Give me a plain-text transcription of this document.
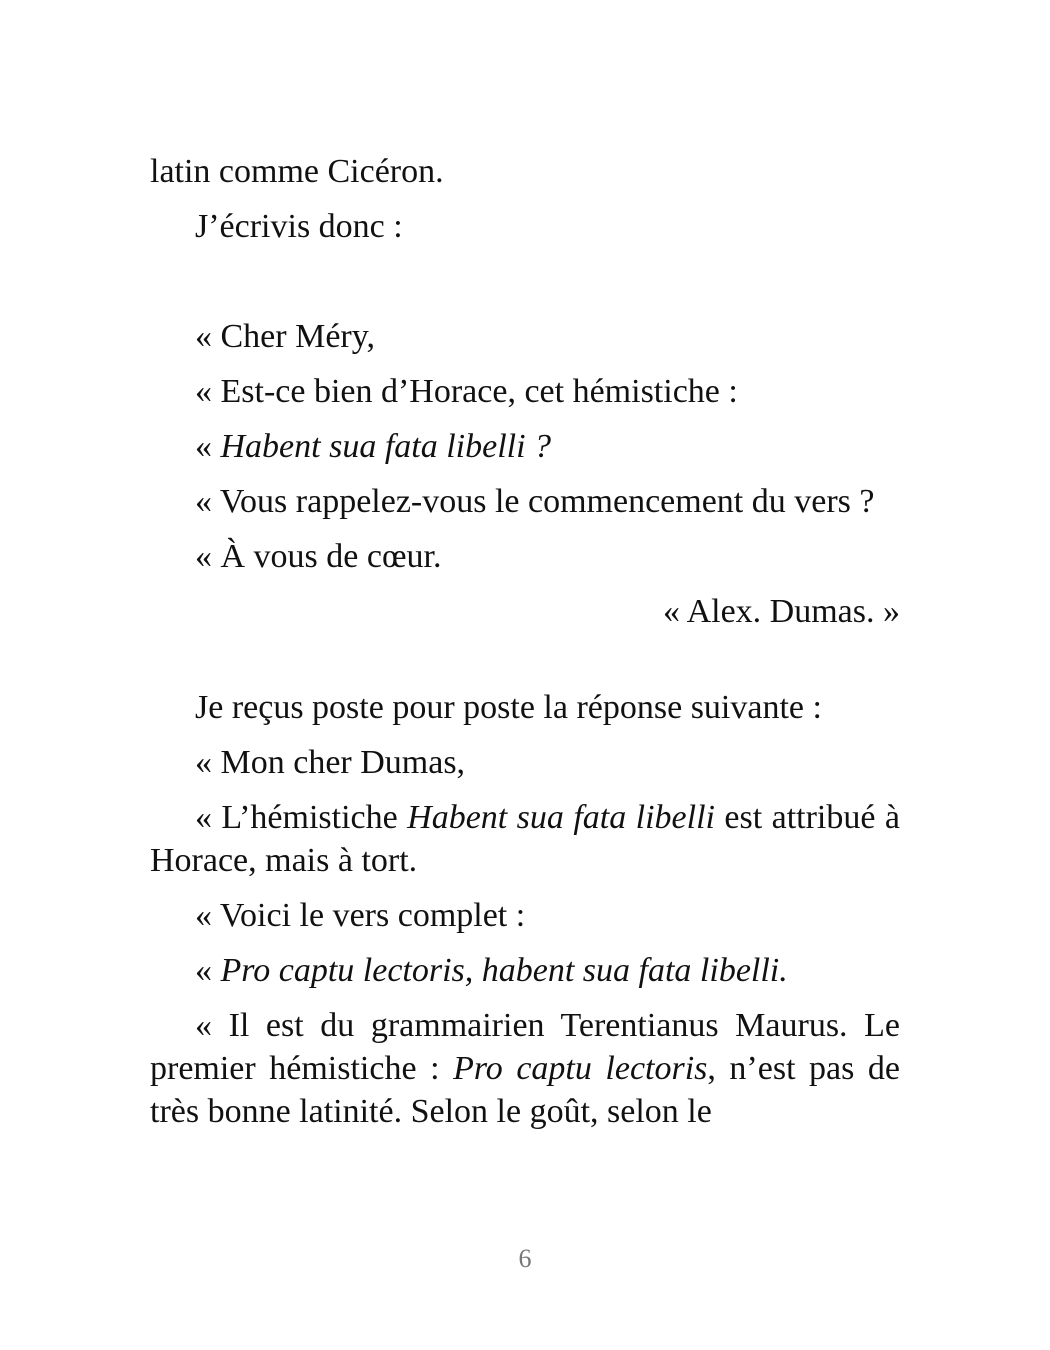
latin comme Cicéron.

J’écrivis donc :

« Cher Méry,

« Est-ce bien d’Horace, cet hémistiche :

« Habent sua fata libelli ?

« Vous rappelez-vous le commencement du vers ?

« À vous de cœur.

« Alex. Dumas. »

Je reçus poste pour poste la réponse suivante :

« Mon cher Dumas,

« L’hémistiche Habent sua fata libelli est attribué à Horace, mais à tort.

« Voici le vers complet :

« Pro captu lectoris, habent sua fata libelli.

« Il est du grammairien Terentianus Maurus. Le premier hémistiche : Pro captu lectoris, n’est pas de très bonne latinité. Selon le goût, selon le

6
